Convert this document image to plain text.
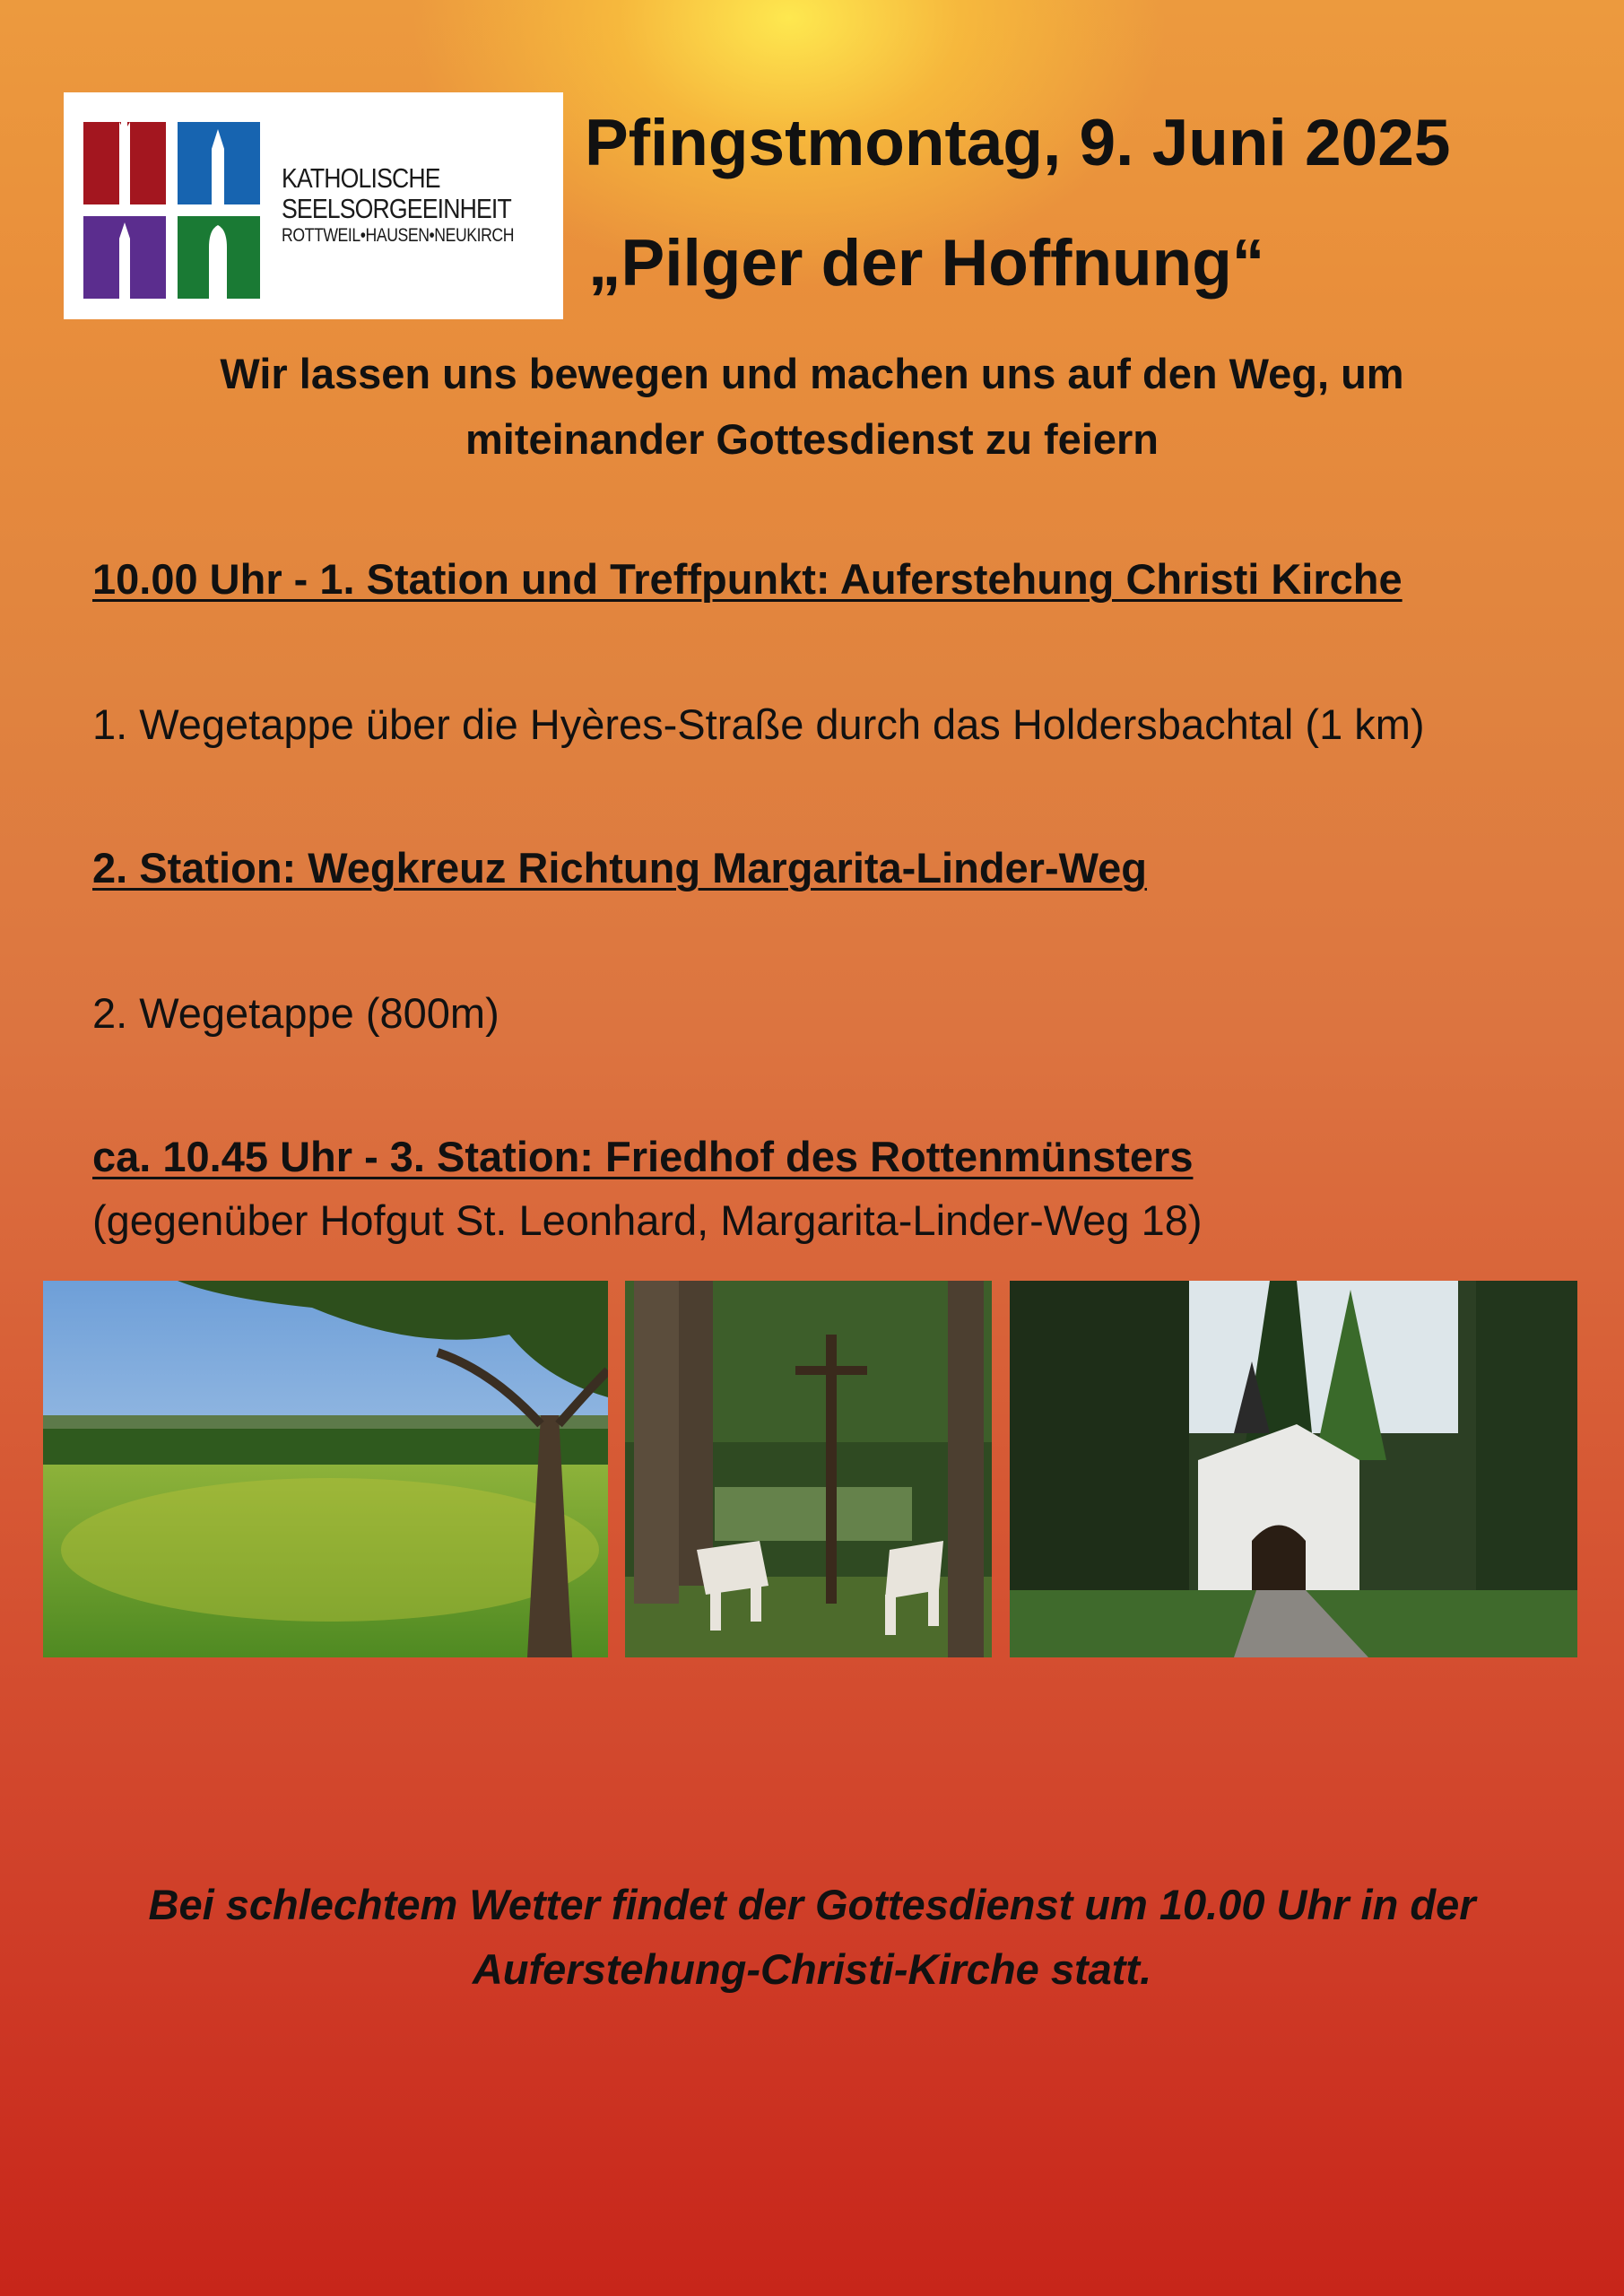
KATHOLISCHE
SEELSORGEEINHEIT
ROTTWEIL•HAUSEN•NEUKIRCH
Pfingstmontag, 9. Juni 2025
„Pilger der Hoffnung“
Wir lassen uns bewegen und machen uns auf den Weg, um
miteinander Gottesdienst zu feiern
10.00 Uhr - 1. Station und Treffpunkt: Auferstehung Christi Kirche
1. Wegetappe über die Hyères-Straße durch das Holdersbachtal (1 km)
2. Station: Wegkreuz Richtung Margarita-Linder-Weg
2. Wegetappe (800m)
ca. 10.45 Uhr - 3. Station: Friedhof des Rottenmünsters
(gegenüber Hofgut St. Leonhard, Margarita-Linder-Weg 18)
Bei schlechtem Wetter findet der Gottesdienst um 10.00 Uhr in der
Auferstehung-Christi-Kirche statt.
